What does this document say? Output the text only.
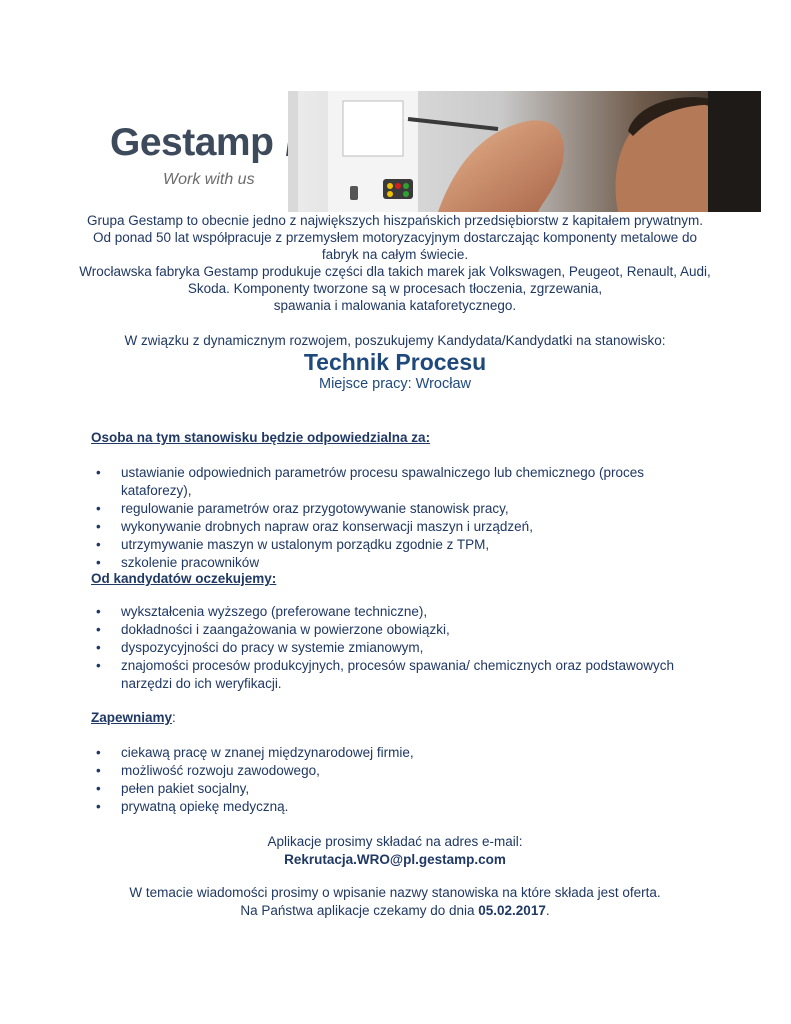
Gestamp
Work with us

Grupa Gestamp to obecnie jedno z największych hiszpańskich przedsiębiorstw z kapitałem prywatnym.

Od ponad 50 lat współpracuje z przemysłem motoryzacyjnym dostarczając komponenty metalowe do

fabryk na całym świecie.

Wrocławska fabryka Gestamp produkuje części dla takich marek jak Volkswagen, Peugeot, Renault, Audi,

Skoda. Komponenty tworzone są w procesach tłoczenia, zgrzewania,

spawania i malowania kataforetycznego.

W związku z dynamicznym rozwojem, poszukujemy Kandydata/Kandydatki na stanowisko:
Technik Procesu
Miejsce pracy: Wrocław
Osoba na tym stanowisku będzie odpowiedzialna za:
• ustawianie odpowiednich parametrów procesu spawalniczego lub chemicznego (proces kataforezy),
• regulowanie parametrów oraz przygotowywanie stanowisk pracy,
• wykonywanie drobnych napraw oraz konserwacji maszyn i urządzeń,
• utrzymywanie maszyn w ustalonym porządku zgodnie z TPM,
• szkolenie pracowników
Od kandydatów oczekujemy:
• wykształcenia wyższego (preferowane techniczne),
• dokładności i zaangażowania w powierzone obowiązki,
• dyspozycyjności do pracy w systemie zmianowym,
• znajomości procesów produkcyjnych, procesów spawania/ chemicznych oraz podstawowych narzędzi do ich weryfikacji.
Zapewniamy:
• ciekawą pracę w znanej międzynarodowej firmie,
• możliwość rozwoju zawodowego,
• pełen pakiet socjalny,
• prywatną opiekę medyczną.

Aplikacje prosimy składać na adres e-mail:

Rekrutacja.WRO@pl.gestamp.com

W temacie wiadomości prosimy o wpisanie nazwy stanowiska na które składa jest oferta.

Na Państwa aplikacje czekamy do dnia 05.02.2017.
